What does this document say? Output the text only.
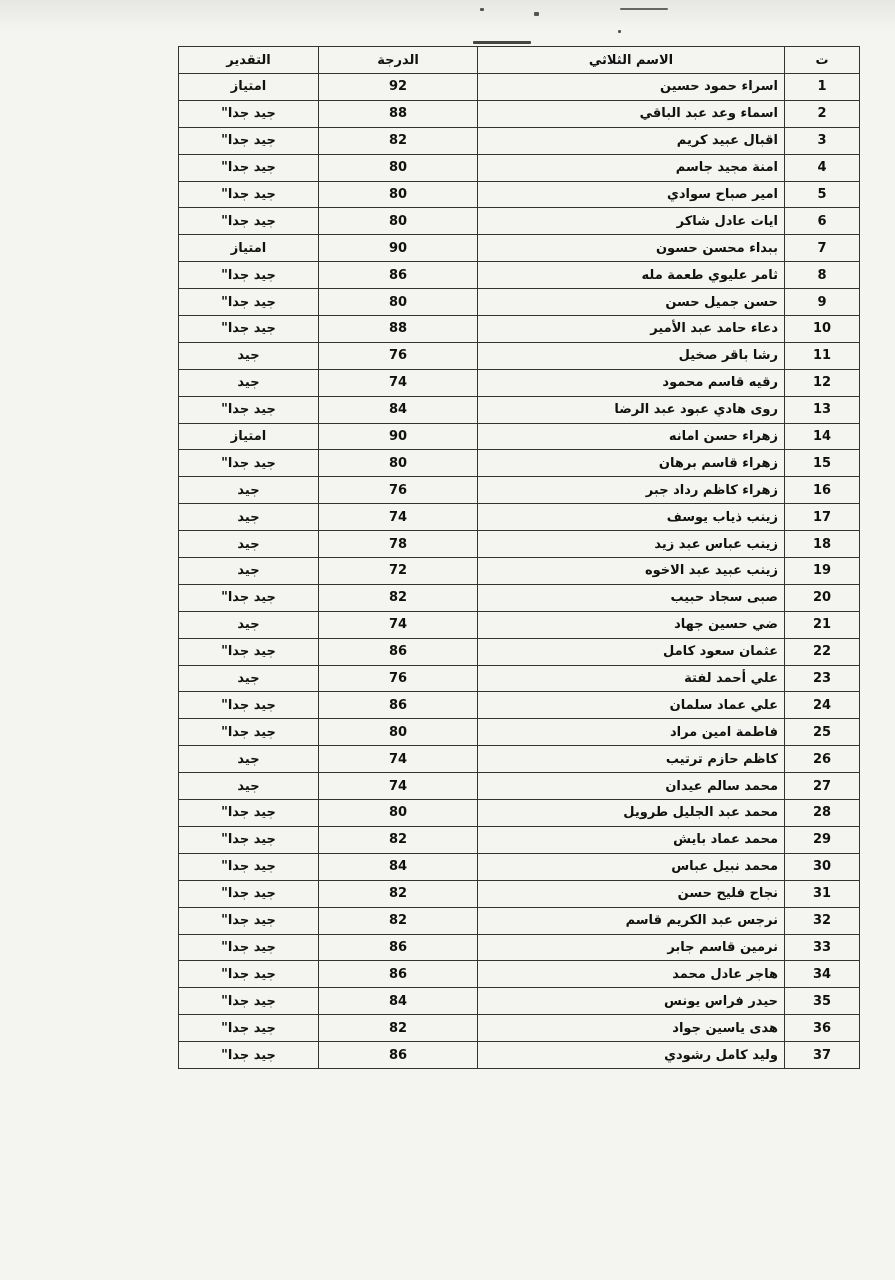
ت	الاسم الثلاثي	الدرجة	التقدير
1	اسراء حمود حسين	92	امتياز
2	اسماء وعد عبد الباقي	88	جيد جدا"
3	اقبال عبيد كريم	82	جيد جدا"
4	امنة مجيد جاسم	80	جيد جدا"
5	امير صباح سوادي	80	جيد جدا"
6	ايات عادل شاكر	80	جيد جدا"
7	ببداء محسن حسون	90	امتياز
8	ثامر عليوي طعمة مله	86	جيد جدا"
9	حسن جميل حسن	80	جيد جدا"
10	دعاء حامد عبد الأمير	88	جيد جدا"
11	رشا باقر صخيل	76	جيد
12	رقيه قاسم محمود	74	جيد
13	روى هادي عبود عبد الرضا	84	جيد جدا"
14	زهراء حسن امانه	90	امتياز
15	زهراء قاسم برهان	80	جيد جدا"
16	زهراء كاظم رداد جبر	76	جيد
17	زينب ذياب يوسف	74	جيد
18	زينب عباس عبد زيد	78	جيد
19	زينب عبيد عبد الاخوه	72	جيد
20	صبى سجاد حبيب	82	جيد جدا"
21	ضي حسين جهاد	74	جيد
22	عثمان سعود كامل	86	جيد جدا"
23	علي أحمد لفتة	76	جيد
24	علي عماد سلمان	86	جيد جدا"
25	فاطمة امين مراد	80	جيد جدا"
26	كاظم حازم ترتيب	74	جيد
27	محمد سالم عيدان	74	جيد
28	محمد عبد الجليل طرويل	80	جيد جدا"
29	محمد عماد بايش	82	جيد جدا"
30	محمد نبيل عباس	84	جيد جدا"
31	نجاح فليح حسن	82	جيد جدا"
32	نرجس عبد الكريم قاسم	82	جيد جدا"
33	نرمين قاسم جابر	86	جيد جدا"
34	هاجر عادل محمد	86	جيد جدا"
35	حيدر فراس يونس	84	جيد جدا"
36	هدى ياسين جواد	82	جيد جدا"
37	وليد كامل رشودي	86	جيد جدا"
